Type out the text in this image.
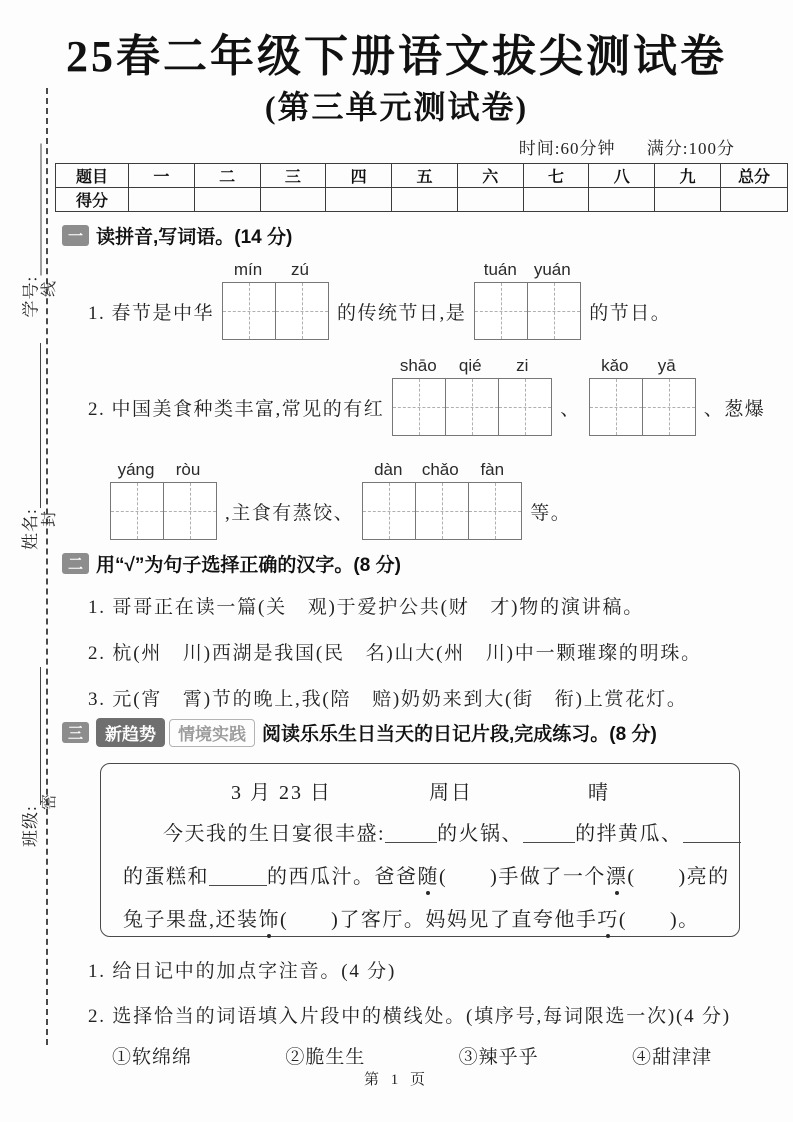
学号: 线
姓名: 封
班级:
密
25春二年级下册语文拔尖测试卷
(第三单元测试卷)
时间:60分钟 满分:100分
题目	一	二	三	四	五	六	七	八	九	总分
得分										
一 读拼音,写词语。(14 分)
1. 春节是中华
mín	zú
的传统节日,是
tuán	yuán
的节日。
2. 中国美食种类丰富,常见的有红
shāo	qié	zi
、
kǎo	yā
、葱爆
yáng	ròu
,主食有蒸饺、
dàn	chǎo	fàn
等。
二 用“√”为句子选择正确的汉字。(8 分)
1. 哥哥正在读一篇(关　观)于爱护公共(财　才)物的演讲稿。
2. 杭(州　川)西湖是我国(民　名)山大(州　川)中一颗璀璨的明珠。
3. 元(宵　霄)节的晚上,我(陪　赔)奶奶来到大(街　衔)上赏花灯。
三	新趋势	情境实践 阅读乐乐生日当天的日记片段,完成练习。(8 分)
3 月 23 日	周日	晴
今天我的生日宴很丰盛:	的火锅、	的拌黄瓜、
的蛋糕和	的西瓜汁。爸爸随(　　)手做了一个漂(　　)亮的
兔子果盘,还装饰(　　)了客厅。妈妈见了直夸他手巧(　　)。
1. 给日记中的加点字注音。(4 分)
2. 选择恰当的词语填入片段中的横线处。(填序号,每词限选一次)(4 分)
①软绵绵	②脆生生	③辣乎乎	④甜津津
第 1 页
